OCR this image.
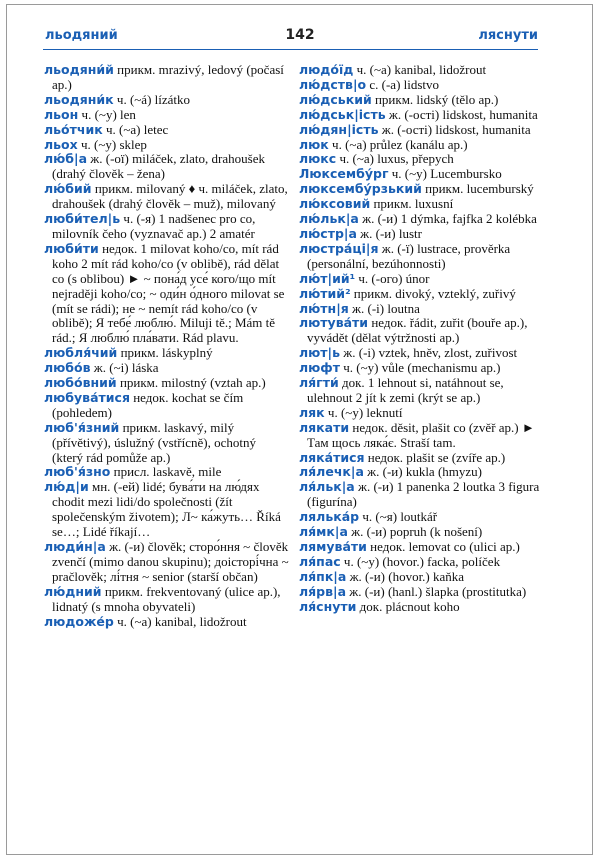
льодяний	142	ляснути

льодяни́й прикм. mrazivý, ledový (počasí ap.)

льодяни́к ч. (~á) lízátko

льон ч. (~у) len

льо́тчик ч. (~а) letec

льох ч. (~у) sklep

лю́б|а ж. (-ої) miláček, zlato, drahoušek (drahý člověk – žena)

лю́бий прикм. milovaný ♦ ч. miláček, zlato, drahoušek (drahý člověk – muž), milovaný

люби́тел|ь ч. (-я) 1 nadšenec pro co, milovník čeho (vyznavač ap.) 2 amatér

люби́ти недок. 1 milovat koho/co, mít rád koho 2 mít rád koho/co (v oblibě), rád dělat co (s oblibou) ► ~ пона́д усе́ кого/що mít nejraději koho/co; ~ оди́н о́дного milovat se (mít se rádi); не ~ nemít rád koho/co (v oblibě); Я тебе́ люблю́. Miluji tě.; Mám tě rád.; Я люблю́ пла́вати. Rád plavu.

любля́чий прикм. láskyplný

любо́в ж. (~і) láska

любо́вний прикм. milostný (vztah ap.)

любува́тися недок. kochat se čím (pohledem)

люб'я́зний прикм. laskavý, milý (přívětivý), úslužný (vstřícně), ochotný (který rád pomůže ap.)

люб'я́зно присл. laskavě, mile

лю́д|и мн. (-ей) lidé; бува́ти на лю́дях chodit mezi lidi/do společnosti (žít společenským životem); Л~ ка́жуть… Říká se…; Lidé říkají…

люди́н|а ж. (-и) člověk; сторо́ння ~ člověk zvenčí (mimo danou skupinu); доісторі́чна ~ pračlověk; лі́тня ~ senior (starší občan)

лю́дний прикм. frekventovaný (ulice ap.), lidnatý (s mnoha obyvateli)

людоже́р ч. (~а) kanibal, lidožrout

людо́їд ч. (~а) kanibal, lidožrout

лю́дств|о с. (-а) lidstvo

лю́дський прикм. lidský (tělo ap.)

лю́дськ|ість ж. (-ості) lidskost, humanita

лю́дян|ість ж. (-ості) lidskost, humanita

люк ч. (~а) průlez (kanálu ap.)

люкс ч. (~а) luxus, přepych

Люксембу́рг ч. (~у) Lucembursko

люксембу́рзький прикм. lucemburský

лю́ксовий прикм. luxusní

лю́льк|а ж. (-и) 1 dýmka, fajfka 2 kolébka

лю́стр|а ж. (-и) lustr

люстра́ці|я ж. (-ї) lustrace, prověrka (personální, bezúhonnosti)

лю́т|ий¹ ч. (-ого) únor

лю́тий² прикм. divoký, vzteklý, zuřivý

лю́тн|я ж. (-і) loutna

лютува́ти недок. řádit, zuřit (bouře ap.), vyvádět (dělat výtržnosti ap.)

лют|ь ж. (-і) vztek, hněv, zlost, zuřivost

люфт ч. (~у) vůle (mechanismu ap.)

ля́гти́ док. 1 lehnout si, natáhnout se, ulehnout 2 jít k zemi (krýt se ap.)

ляк ч. (~у) leknutí

лякати недок. děsit, plašit co (zvěř ap.) ► Там щось ляка́є. Straší tam.

ляка́тися недок. plašit se (zvíře ap.)

ля́лечк|а ж. (-и) kukla (hmyzu)

ля́льк|а ж. (-и) 1 panenka 2 loutka 3 figura (figurína)

лялька́р ч. (~я) loutkář

ля́мк|а ж. (-и) popruh (k nošení)

лямува́ти недок. lemovat co (ulici ap.)

ля́пас ч. (~у) (hovor.) facka, políček

ля́пк|а ж. (-и) (hovor.) kaňka

ля́рв|а ж. (-и) (hanl.) šlapka (prostitutka)

ля́снути док. plácnout koho
